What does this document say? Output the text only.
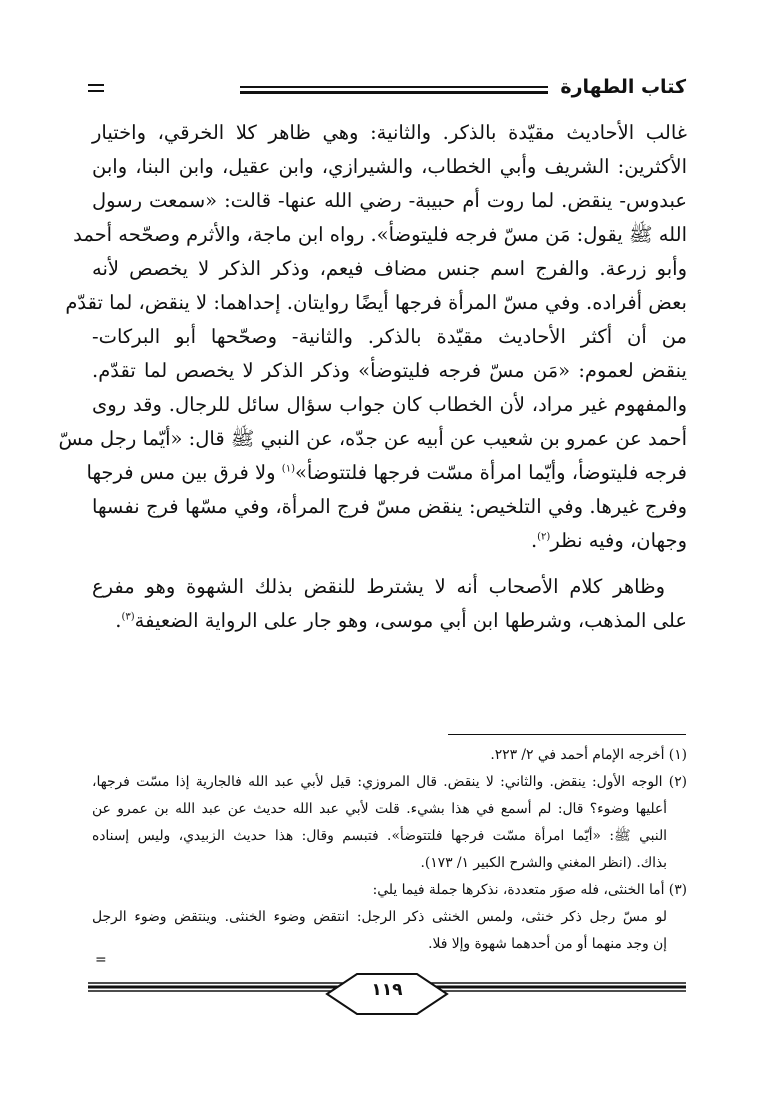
كتاب الطهارة
غالب الأحاديث مقيّدة بالذكر. والثانية: وهي ظاهر كلا الخرقي، واختيار
الأكثرين: الشريف وأبي الخطاب، والشيرازي، وابن عقيل، وابن البنا، وابن
عبدوس- ينقض. لما روت أم حبيبة- رضي الله عنها- قالت: «سمعت رسول
الله ﷺ يقول: مَن مسّ فرجه فليتوضأ». رواه ابن ماجة، والأثرم وصحّحه أحمد
وأبو زرعة. والفرج اسم جنس مضاف فيعم، وذكر الذكر لا يخصص لأنه
بعض أفراده. وفي مسّ المرأة فرجها أيضًا روايتان. إحداهما: لا ينقض، لما تقدّم
من أن أكثر الأحاديث مقيّدة بالذكر. والثانية- وصحّحها أبو البركات-
ينقض لعموم: «مَن مسّ فرجه فليتوضأ» وذكر الذكر لا يخصص لما تقدّم.
والمفهوم غير مراد، لأن الخطاب كان جواب سؤال سائل للرجال. وقد روى
أحمد عن عمرو بن شعيب عن أبيه عن جدّه، عن النبي ﷺ قال: «أيّما رجل مسّ
فرجه فليتوضأ، وأيّما امرأة مسّت فرجها فلتتوضأ»$^{(١)}$ ولا فرق بين مس فرجها
وفرج غيرها. وفي التلخيص: ينقض مسّ فرج المرأة، وفي مسّها فرج نفسها
وجهان، وفيه نظر$^{(٢)}$.
وظاهر كلام الأصحاب أنه لا يشترط للنقض بذلك الشهوة وهو مفرع
على المذهب، وشرطها ابن أبي موسى، وهو جار على الرواية الضعيفة$^{(٣)}$.
(١) أخرجه الإمام أحمد في ٢/ ٢٢٣.
(٢) الوجه الأول: ينقض. والثاني: لا ينقض. قال المروزي: قيل لأبي عبد الله فالجارية إذا مسّت فرجها،
أعليها وضوء؟ قال: لم أسمع في هذا بشيء. قلت لأبي عبد الله حديث عن عبد الله بن عمرو عن
النبي ﷺ: «أيّما امرأة مسّت فرجها فلتتوضأ». فتبسم وقال: هذا حديث الزبيدي، وليس إسناده
بذاك. (انظر المغني والشرح الكبير ١/ ١٧٣).
(٣) أما الخنثى، فله صوَر متعددة، نذكرها جملة فيما يلي:
لو مسّ رجل ذكر خنثى، ولمس الخنثى ذكر الرجل: انتقض وضوء الخنثى. وينتقض وضوء الرجل
إن وجد منهما أو من أحدهما شهوة وإلا فلا.
=
١١٩
